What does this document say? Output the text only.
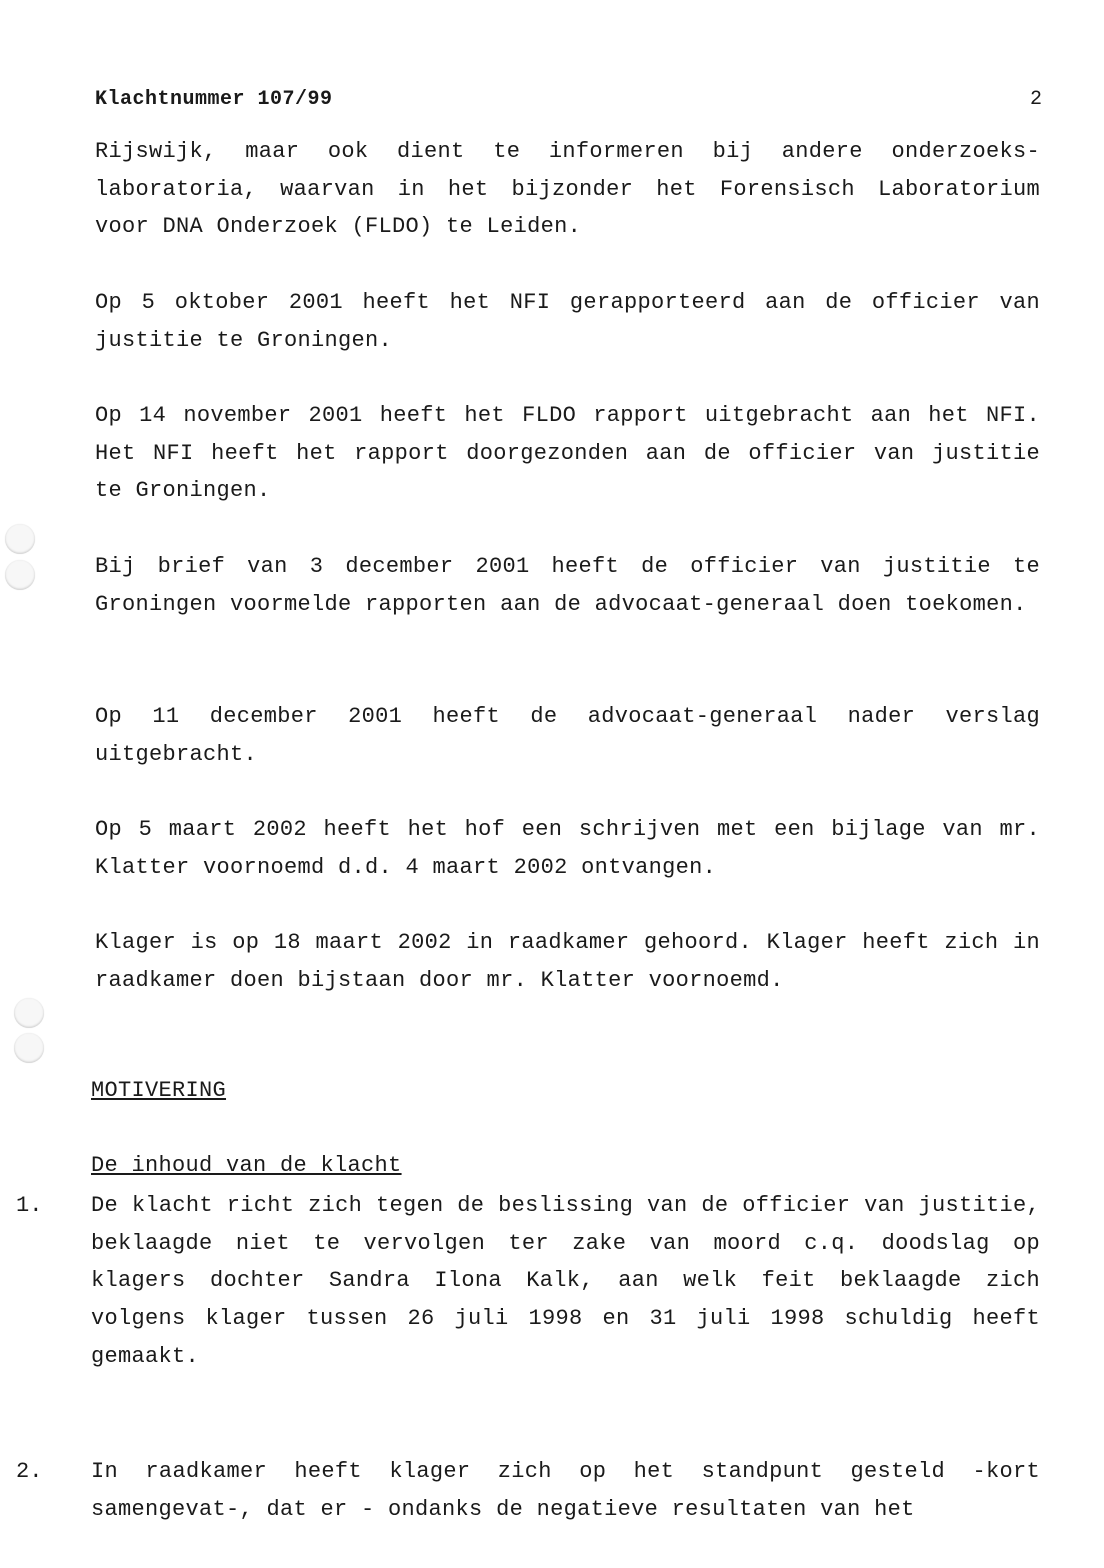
Klachtnummer 107/99	2

Rijswijk, maar ook dient te informeren bij andere onderzoeks-laboratoria, waarvan in het bijzonder het Forensisch Laboratorium voor DNA Onderzoek (FLDO) te Leiden.

Op 5 oktober 2001 heeft het NFI gerapporteerd aan de officier van justitie te Groningen.

Op 14 november 2001 heeft het FLDO rapport uitgebracht aan het NFI. Het NFI heeft het rapport doorgezonden aan de officier van justitie te Groningen.

Bij brief van 3 december 2001 heeft de officier van justitie te Groningen voormelde rapporten aan de advocaat-generaal doen toekomen.

Op 11 december 2001 heeft de advocaat-generaal nader verslag uitgebracht.

Op 5 maart 2002 heeft het hof een schrijven met een bijlage van mr. Klatter voornoemd d.d. 4 maart 2002 ontvangen.

Klager is op 18 maart 2002 in raadkamer gehoord. Klager heeft zich in raadkamer doen bijstaan door mr. Klatter voornoemd.

MOTIVERING
De inhoud van de klacht
1. De klacht richt zich tegen de beslissing van de officier van justitie, beklaagde niet te vervolgen ter zake van moord c.q. doodslag op klagers dochter Sandra Ilona Kalk, aan welk feit beklaagde zich volgens klager tussen 26 juli 1998 en 31 juli 1998 schuldig heeft gemaakt.

2. In raadkamer heeft klager zich op het standpunt gesteld -kort samengevat-, dat er - ondanks de negatieve resultaten van het
